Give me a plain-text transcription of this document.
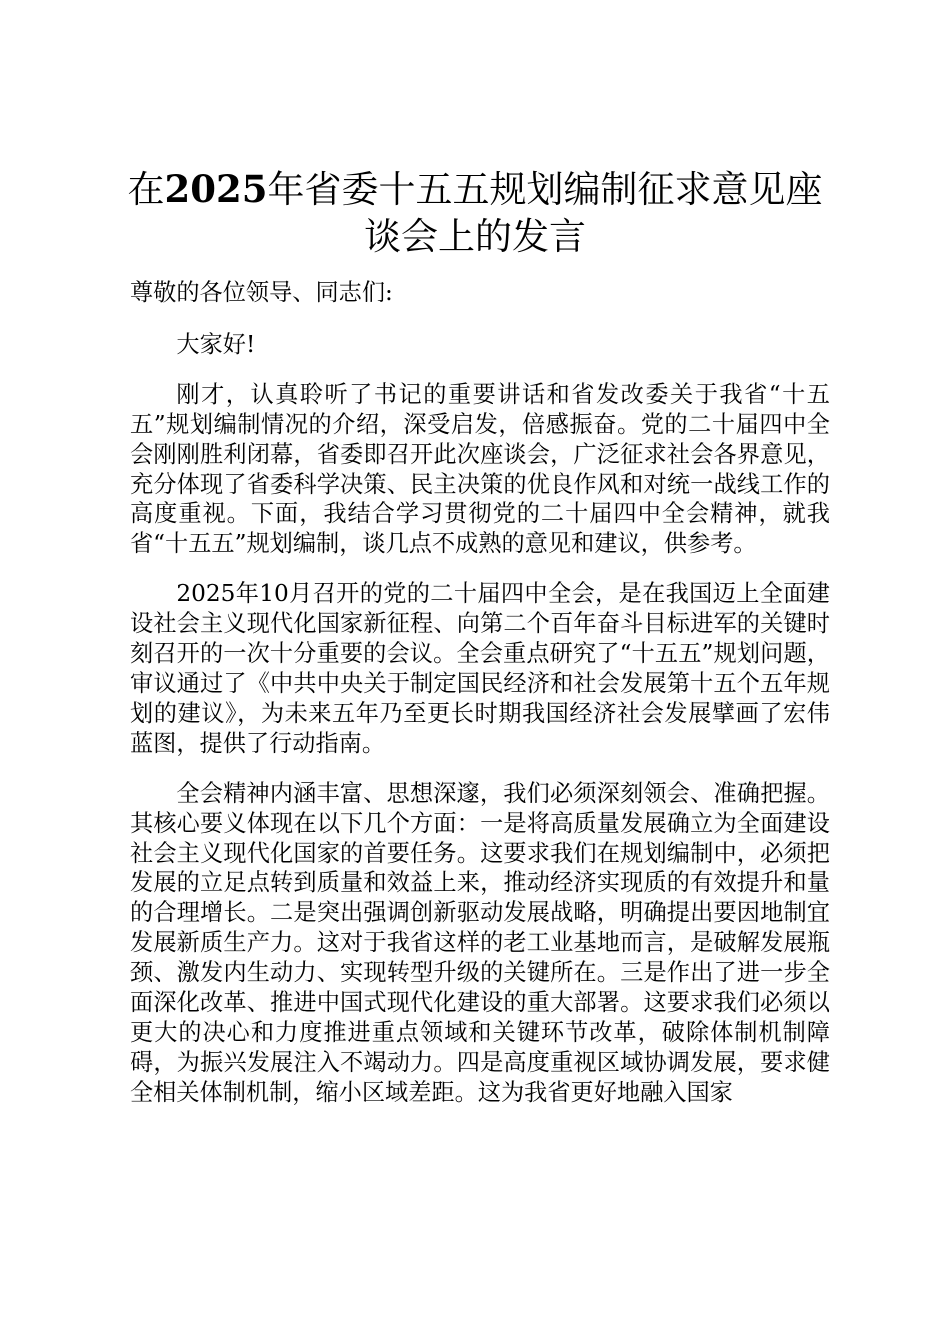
在2025年省委十五五规划编制征求意见座谈会上的发言

尊敬的各位领导、同志们:

大家好!

刚才，认真聆听了书记的重要讲话和省发改委关于我省“十五五”规划编制情况的介绍，深受启发，倍感振奋。党的二十届四中全会刚刚胜利闭幕，省委即召开此次座谈会，广泛征求社会各界意见，充分体现了省委科学决策、民主决策的优良作风和对统一战线工作的高度重视。下面，我结合学习贯彻党的二十届四中全会精神，就我省“十五五”规划编制，谈几点不成熟的意见和建议，供参考。

2025年10月召开的党的二十届四中全会，是在我国迈上全面建设社会主义现代化国家新征程、向第二个百年奋斗目标进军的关键时刻召开的一次十分重要的会议。全会重点研究了“十五五”规划问题，审议通过了《中共中央关于制定国民经济和社会发展第十五个五年规划的建议》，为未来五年乃至更长时期我国经济社会发展擘画了宏伟蓝图，提供了行动指南。

全会精神内涵丰富、思想深邃，我们必须深刻领会、准确把握。其核心要义体现在以下几个方面：一是将高质量发展确立为全面建设社会主义现代化国家的首要任务。这要求我们在规划编制中，必须把发展的立足点转到质量和效益上来，推动经济实现质的有效提升和量的合理增长。二是突出强调创新驱动发展战略，明确提出要因地制宜发展新质生产力。这对于我省这样的老工业基地而言，是破解发展瓶颈、激发内生动力、实现转型升级的关键所在。三是作出了进一步全面深化改革、推进中国式现代化建设的重大部署。这要求我们必须以更大的决心和力度推进重点领域和关键环节改革，破除体制机制障碍，为振兴发展注入不竭动力。四是高度重视区域协调发展，要求健全相关体制机制，缩小区域差距。这为我省更好地融入国家
